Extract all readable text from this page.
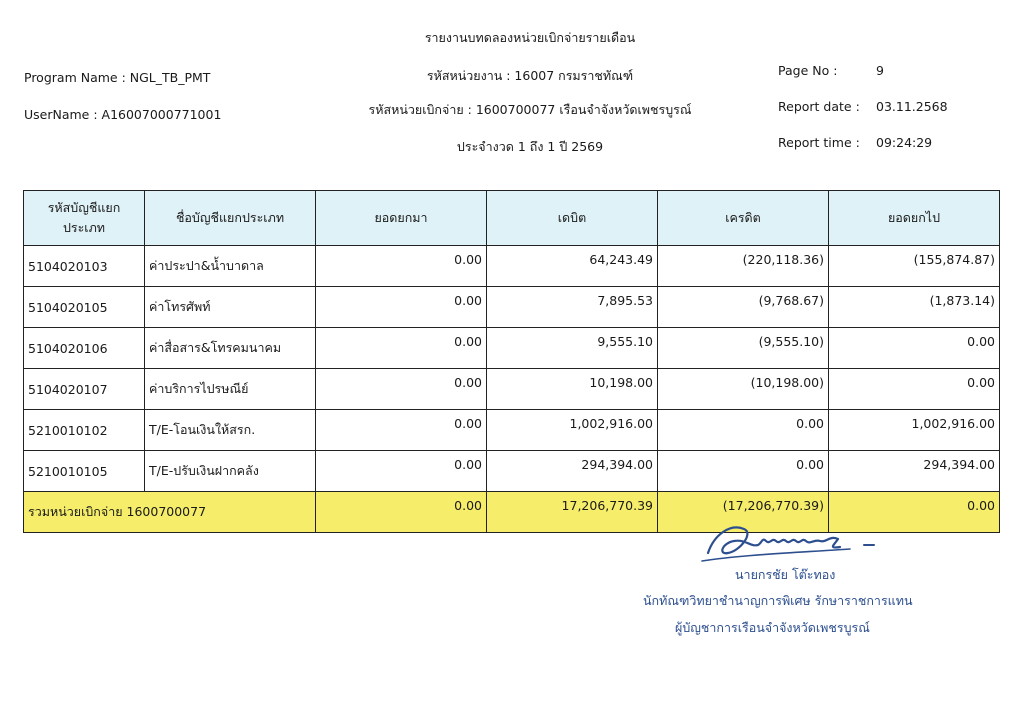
รายงานบทดลองหน่วยเบิกจ่ายรายเดือน
Program Name : NGL_TB_PMT	รหัสหน่วยงาน : 16007 กรมราชทัณฑ์
UserName : A16007000771001	รหัสหน่วยเบิกจ่าย : 1600700077 เรือนจำจังหวัดเพชรบูรณ์
ประจำงวด 1 ถึง 1 ปี 2569
Page No :	9
Report date : 03.11.2568
Report time : 09:24:29
รหัสบัญชีแยกประเภท	ชื่อบัญชีแยกประเภท	ยอดยกมา	เดบิต	เครดิต	ยอดยกไป
5104020103	ค่าประปา&น้ำบาดาล	0.00	64,243.49	(220,118.36)	(155,874.87)
5104020105	ค่าโทรศัพท์	0.00	7,895.53	(9,768.67)	(1,873.14)
5104020106	ค่าสื่อสาร&โทรคมนาคม	0.00	9,555.10	(9,555.10)	0.00
5104020107	ค่าบริการไปรษณีย์	0.00	10,198.00	(10,198.00)	0.00
5210010102	T/E-โอนเงินให้สรก.	0.00	1,002,916.00	0.00	1,002,916.00
5210010105	T/E-ปรับเงินฝากคลัง	0.00	294,394.00	0.00	294,394.00
รวมหน่วยเบิกจ่าย 1600700077		0.00	17,206,770.39	(17,206,770.39)	0.00
นายกรชัย โต๊ะทอง
นักทัณฑวิทยาชำนาญการพิเศษ รักษาราชการแทน
ผู้บัญชาการเรือนจำจังหวัดเพชรบูรณ์
